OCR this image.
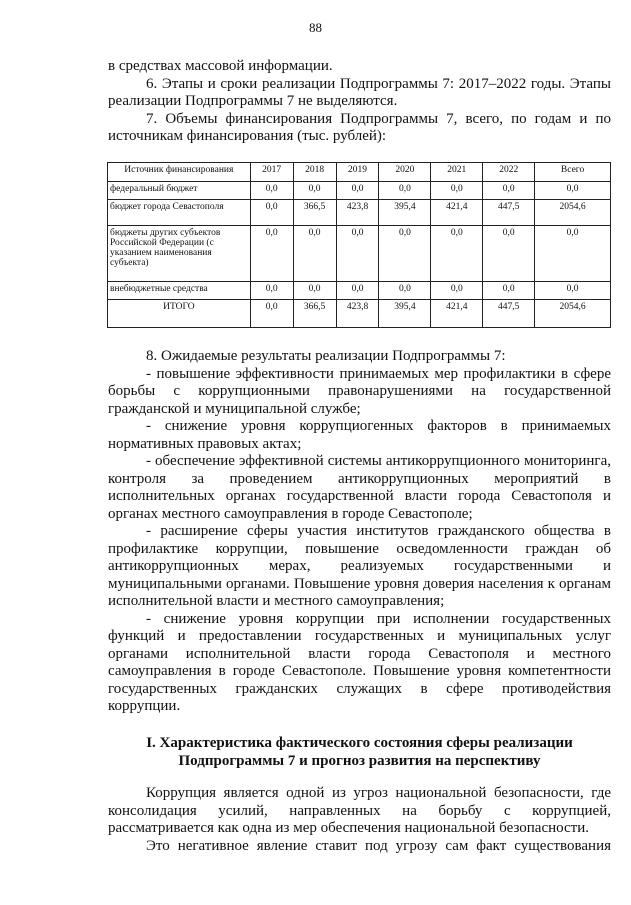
88

в средствах массовой информации.

6. Этапы и сроки реализации Подпрограммы 7: 2017–2022 годы. Этапы реализации Подпрограммы 7 не выделяются.

7. Объемы финансирования Подпрограммы 7, всего, по годам и по источникам финансирования (тыс. рублей):

Источник финансирования	2017	2018	2019	2020	2021	2022	Всего
федеральный бюджет	0,0	0,0	0,0	0,0	0,0	0,0	0,0
бюджет города Севастополя	0,0	366,5	423,8	395,4	421,4	447,5	2054,6
бюджеты других субъектов Российской Федерации (с указанием наименования субъекта)	0,0	0,0	0,0	0,0	0,0	0,0	0,0
внебюджетные средства	0,0	0,0	0,0	0,0	0,0	0,0	0,0
ИТОГО	0,0	366,5	423,8	395,4	421,4	447,5	2054,6

8. Ожидаемые результаты реализации Подпрограммы 7:

- повышение эффективности принимаемых мер профилактики в сфере борьбы с коррупционными правонарушениями на государственной гражданской и муниципальной службе;

- снижение уровня коррупциогенных факторов в принимаемых нормативных правовых актах;

- обеспечение эффективной системы антикоррупционного мониторинга, контроля за проведением антикоррупционных мероприятий в исполнительных органах государственной власти города Севастополя и органах местного самоуправления в городе Севастополе;

- расширение сферы участия институтов гражданского общества в профилактике коррупции, повышение осведомленности граждан об антикоррупционных мерах, реализуемых государственными и муниципальными органами. Повышение уровня доверия населения к органам исполнительной власти и местного самоуправления;

- снижение уровня коррупции при исполнении государственных функций и предоставлении государственных и муниципальных услуг органами исполнительной власти города Севастополя и местного самоуправления в городе Севастополе. Повышение уровня компетентности государственных гражданских служащих в сфере противодействия коррупции.

I. Характеристика фактического состояния сферы реализации Подпрограммы 7 и прогноз развития на перспективу

Коррупция является одной из угроз национальной безопасности, где консолидация усилий, направленных на борьбу с коррупцией, рассматривается как одна из мер обеспечения национальной безопасности.

Это негативное явление ставит под угрозу сам факт существования
